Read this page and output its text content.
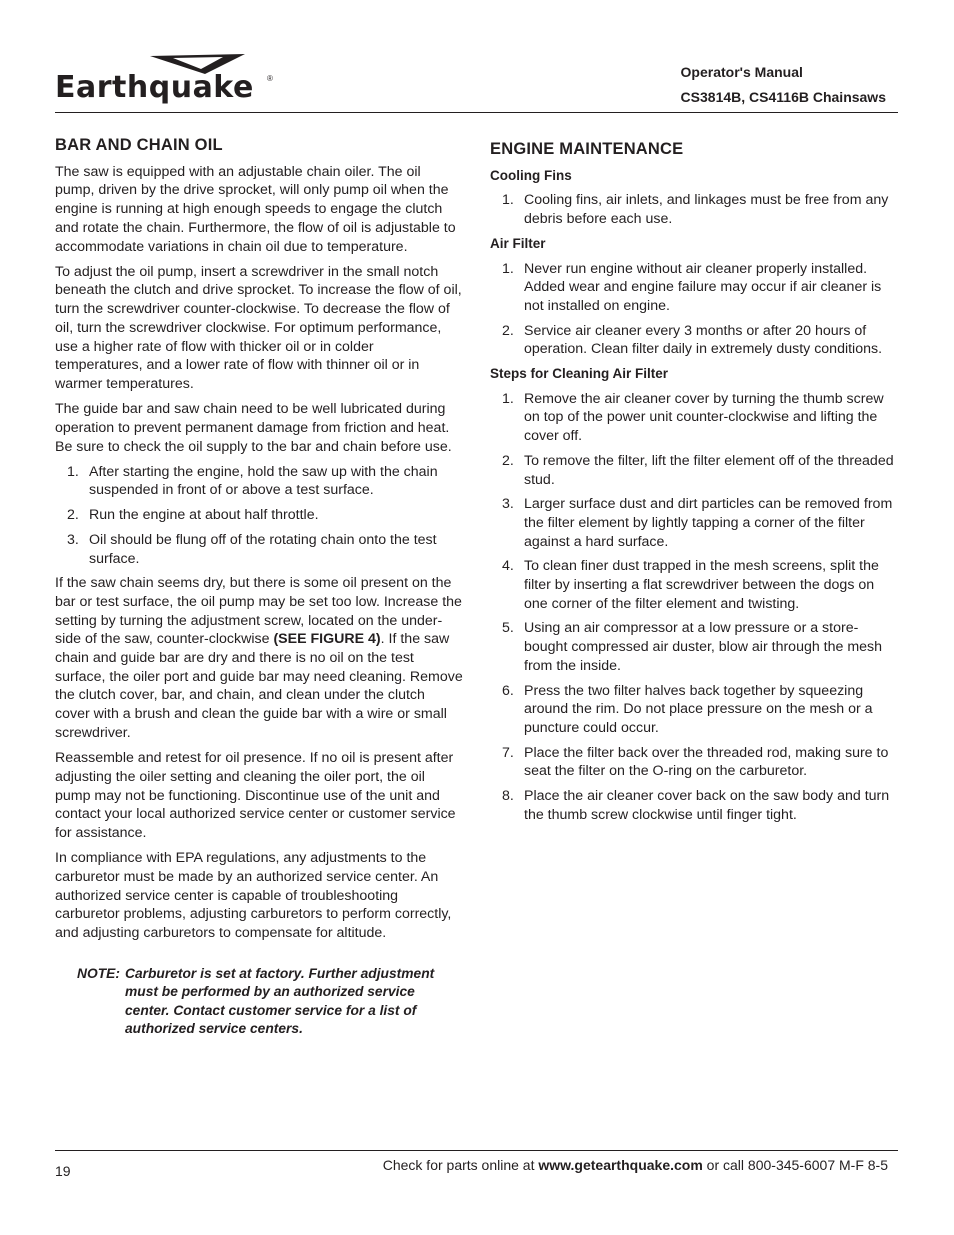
Earthquake ®	Operator's Manual
CS3814B, CS4116B Chainsaws
BAR AND CHAIN OIL

The saw is equipped with an adjustable chain oiler. The oil pump, driven by the drive sprocket, will only pump oil when the engine is running at high enough speeds to engage the clutch and rotate the chain. Furthermore, the flow of oil is adjustable to accommodate variations in chain oil due to temperature.

To adjust the oil pump, insert a screwdriver in the small notch beneath the clutch and drive sprocket. To increase the flow of oil, turn the screwdriver counter-clockwise. To decrease the flow of oil, turn the screwdriver clockwise. For optimum performance, use a higher rate of flow with thicker oil or in colder temperatures, and a lower rate of flow with thinner oil or in warmer temperatures.

The guide bar and saw chain need to be well lubricated during operation to prevent permanent damage from friction and heat. Be sure to check the oil supply to the bar and chain before use.

1. After starting the engine, hold the saw up with the chain suspended in front of or above a test surface.
2. Run the engine at about half throttle.
3. Oil should be flung off of the rotating chain onto the test surface.

If the saw chain seems dry, but there is some oil present on the bar or test surface, the oil pump may be set too low. Increase the setting by turning the adjustment screw, located on the under-side of the saw, counter-clockwise (SEE FIGURE 4). If the saw chain and guide bar are dry and there is no oil on the test surface, the oiler port and guide bar may need cleaning. Remove the clutch cover, bar, and chain, and clean under the clutch cover with a brush and clean the guide bar with a wire or small screwdriver.

Reassemble and retest for oil presence. If no oil is present after adjusting the oiler setting and cleaning the oiler port, the oil pump may not be functioning. Discontinue use of the unit and contact your local authorized service center or customer service for assistance.

In compliance with EPA regulations, any adjustments to the carburetor must be made by an authorized service center. An authorized service center is capable of troubleshooting carburetor problems, adjusting carburetors to perform correctly, and adjusting carburetors to compensate for altitude.

NOTE: Carburetor is set at factory. Further adjustment must be performed by an authorized service center. Contact customer service for a list of authorized service centers.
ENGINE MAINTENANCE
Cooling Fins
1. Cooling fins, air inlets, and linkages must be free from any debris before each use.
Air Filter
1. Never run engine without air cleaner properly installed. Added wear and engine failure may occur if air cleaner is not installed on engine.
2. Service air cleaner every 3 months or after 20 hours of operation. Clean filter daily in extremely dusty conditions.
Steps for Cleaning Air Filter
1. Remove the air cleaner cover by turning the thumb screw on top of the power unit counter-clockwise and lifting the cover off.
2. To remove the filter, lift the filter element off of the threaded stud.
3. Larger surface dust and dirt particles can be removed from the filter element by lightly tapping a corner of the filter against a hard surface.
4. To clean finer dust trapped in the mesh screens, split the filter by inserting a flat screwdriver between the dogs on one corner of the filter element and twisting.
5. Using an air compressor at a low pressure or a store-bought compressed air duster, blow air through the mesh from the inside.
6. Press the two filter halves back together by squeezing around the rim. Do not place pressure on the mesh or a puncture could occur.
7. Place the filter back over the threaded rod, making sure to seat the filter on the O-ring on the carburetor.
8. Place the air cleaner cover back on the saw body and turn the thumb screw clockwise until finger tight.
19	Check for parts online at www.getearthquake.com or call 800-345-6007 M-F 8-5
